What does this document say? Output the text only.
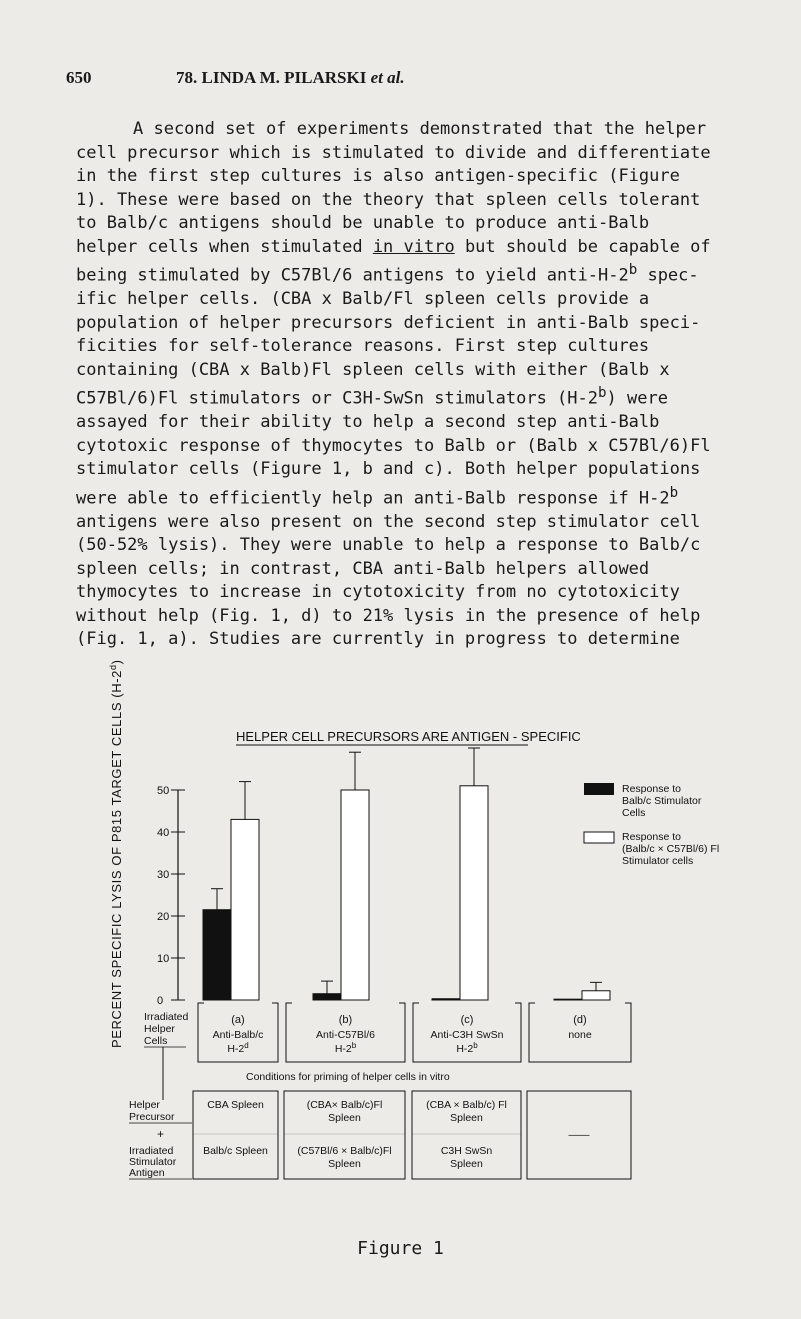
650	78. LINDA M. PILARSKI et al.
A second set of experiments demonstrated that the helper
cell precursor which is stimulated to divide and differentiate
in the first step cultures is also antigen-specific (Figure
1). These were based on the theory that spleen cells tolerant
to Balb/c antigens should be unable to produce anti-Balb
helper cells when stimulated in vitro but should be capable of
being stimulated by C57Bl/6 antigens to yield anti-H-2$^b$ spec-
ific helper cells. (CBA x Balb/Fl spleen cells provide a
population of helper precursors deficient in anti-Balb speci-
ficities for self-tolerance reasons. First step cultures
containing (CBA x Balb)Fl spleen cells with either (Balb x
C57Bl/6)Fl stimulators or C3H-SwSn stimulators (H-2$^b$) were
assayed for their ability to help a second step anti-Balb
cytotoxic response of thymocytes to Balb or (Balb x C57Bl/6)Fl
stimulator cells (Figure 1, b and c). Both helper populations
were able to efficiently help an anti-Balb response if H-2$^b$
antigens were also present on the second step stimulator cell
(50-52% lysis). They were unable to help a response to Balb/c
spleen cells; in contrast, CBA anti-Balb helpers allowed
thymocytes to increase in cytotoxicity from no cytotoxicity
without help (Fig. 1, d) to 21% lysis in the presence of help
(Fig. 1, a). Studies are currently in progress to determine
PERCENT SPECIFIC LYSIS OF P815 TARGET CELLS (H-2$^d$)
HELPER CELL PRECURSORS ARE ANTIGEN - SPECIFIC
0
10
20
30
40
50	Response to Balb/c Stimulator Cells
Response to (Balb/c × C57Bl/6) Fl Stimulator cells
Irradiated Helper Cells
Helper Precursor
+
Irradiated Stimulator Antigen
(a)
Anti-Balb/c
H-2$^d$
(b)
Anti-C57Bl/6
H-2$^b$
(c)
Anti-C3H SwSn
H-2$^b$
(d)
none
Conditions for priming of helper cells in vitro
CBA Spleen
Balb/c Spleen
(CBA× Balb/c)Fl
Spleen
(C57Bl/6 × Balb/c)Fl
Spleen
(CBA × Balb/c) Fl
Spleen
C3H SwSn
Spleen
——
Figure 1
